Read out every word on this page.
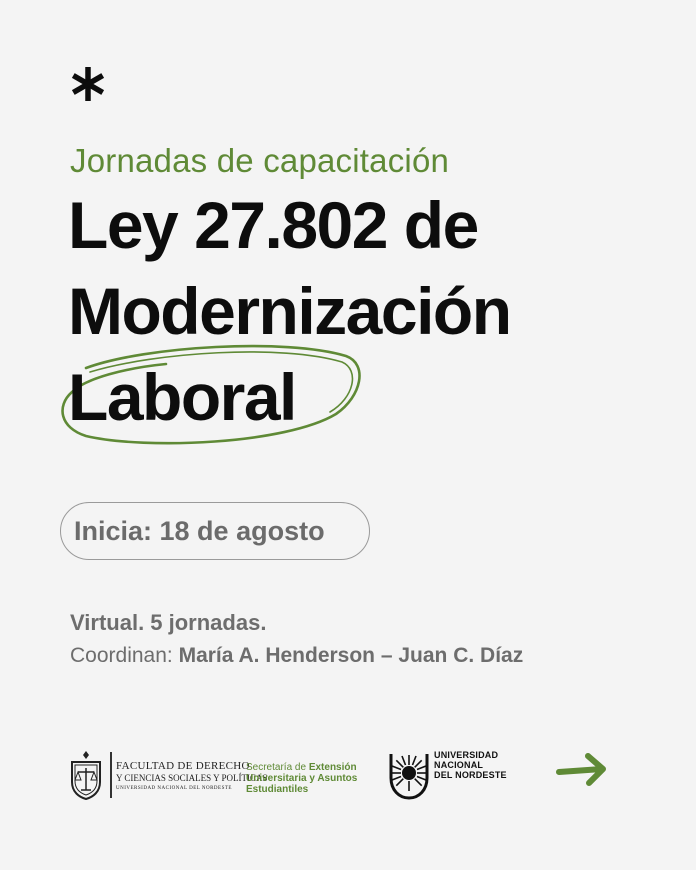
Jornadas de capacitación
Ley 27.802 de
Modernización
Laboral
Inicia: 18 de agosto
Virtual. 5 jornadas.
Coordinan: María A. Henderson – Juan C. Díaz
FACULTAD DE DERECHO
Y CIENCIAS SOCIALES Y POLÍTICAS
UNIVERSIDAD NACIONAL DEL NORDESTE
Secretaría de Extensión
Universitaria y Asuntos
Estudiantiles
UNIVERSIDAD
NACIONAL
DEL NORDESTE
